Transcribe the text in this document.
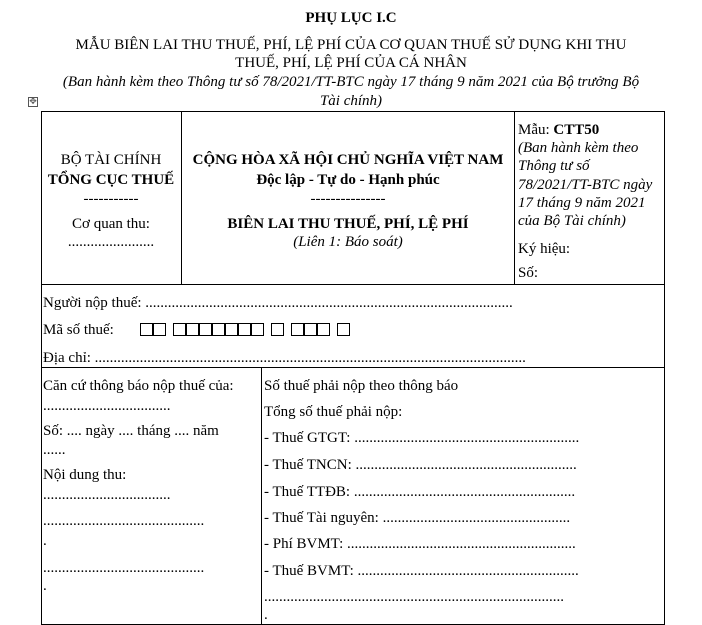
PHỤ LỤC I.C
MẪU BIÊN LAI THU THUẾ, PHÍ, LỆ PHÍ CỦA CƠ QUAN THUẾ SỬ DỤNG KHI THU
THUẾ, PHÍ, LỆ PHÍ CỦA CÁ NHÂN
(Ban hành kèm theo Thông tư số 78/2021/TT-BTC ngày 17 tháng 9 năm 2021 của Bộ trưởng Bộ
Tài chính)
✥
BỘ TÀI CHÍNH
TỔNG CỤC THUẾ
-----------
Cơ quan thu:
.......................
CỘNG HÒA XÃ HỘI CHỦ NGHĨA VIỆT NAM
Độc lập - Tự do - Hạnh phúc
---------------
BIÊN LAI THU THUẾ, PHÍ, LỆ PHÍ
(Liên 1: Báo soát)
Mẫu: CTT50
(Ban hành kèm theo
Thông tư số
78/2021/TT-BTC ngày
17 tháng 9 năm 2021
của Bộ Tài chính)
Ký hiệu:
Số:
Người nộp thuế: ..................................................................................................
Mã số thuế:
Địa chỉ: ...................................................................................................................
Căn cứ thông báo nộp thuế của:
..................................
Số: .... ngày .... tháng .... năm
......
Nội dung thu:
..................................
...........................................
.
...........................................
.
Số thuế phải nộp theo thông báo
Tổng số thuế phải nộp:
- Thuế GTGT: ............................................................
- Thuế TNCN: ...........................................................
- Thuế TTĐB: ...........................................................
- Thuế Tài nguyên: ..................................................
- Phí BVMT: .............................................................
- Thuế BVMT: ...........................................................
................................................................................
.
